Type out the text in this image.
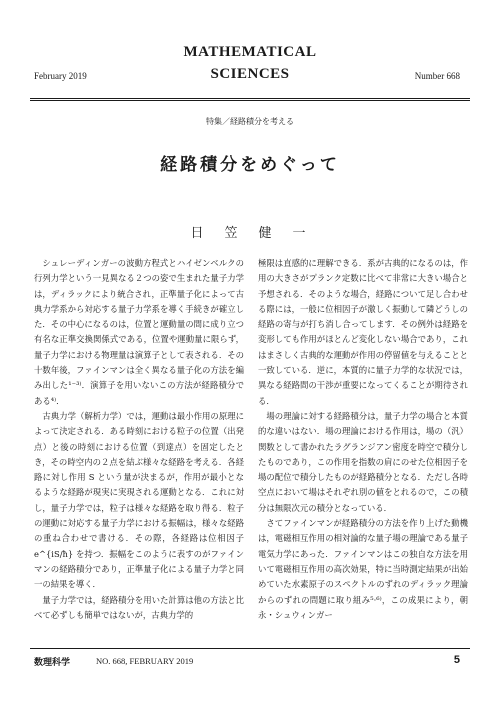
MATHEMATICAL

SCIENCES

February 2019	Number 668

特集／経路積分を考える

経路積分をめぐって

日　笠　健　一

シュレーディンガーの波動方程式とハイゼンベルクの行列力学という一見異なる２つの姿で生まれた量子力学は，ディラックにより統合され，正準量子化によって古典力学系から対応する量子力学系を導く手続きが確立した．その中心になるのは，位置と運動量の間に成り立つ有名な正準交換関係式である，位置や運動量に限らず，量子力学における物理量は演算子として表される．その十数年後，ファインマンは全く異なる量子化の方法を編み出した¹⁻³⁾．演算子を用いないこの方法が経路積分である⁴⁾．

古典力学（解析力学）では，運動は最小作用の原理によって決定される．ある時刻における粒子の位置（出発点）と後の時刻における位置（到達点）を固定したとき，その時空内の２点を結ぶ様々な経路を考える．各経路に対し作用 S という量が決まるが，作用が最小となるような経路が現実に実現される運動となる．これに対し，量子力学では，粒子は様々な経路を取り得る．粒子の運動に対応する量子力学における振幅は，様々な経路の重ね合わせで書ける．その際，各経路は位相因子 e^{iS/ħ} を持つ．振幅をこのように表すのがファインマンの経路積分であり，正準量子化による量子力学と同一の結果を導く．

量子力学では，経路積分を用いた計算は他の方法と比べて必ずしも簡単ではないが，古典力学的

極限は直感的に理解できる．系が古典的になるのは，作用の大きさがプランク定数に比べて非常に大きい場合と予想される．そのような場合，経路について足し合わせる際には，一般に位相因子が激しく振動して隣どうしの経路の寄与が打ち消し合ってします．その例外は経路を変形しても作用がほとんど変化しない場合であり，これはまさしく古典的な運動が作用の停留値を与えることと一致している．逆に，本質的に量子力学的な状況では，異なる経路間の干渉が重要になってくることが期待される．

場の理論に対する経路積分は，量子力学の場合と本質的な違いはない．場の理論における作用は，場の（汎）関数として書かれたラグランジアン密度を時空で積分したものであり，この作用を指数の肩にのせた位相因子を場の配位で積分したものが経路積分となる．ただし各時空点において場はそれぞれ別の値をとれるので，この積分は無限次元の積分となっている．

さてファインマンが経路積分の方法を作り上げた動機は，電磁相互作用の相対論的な量子場の理論である量子電気力学にあった．ファインマンはこの独自な方法を用いて電磁相互作用の高次効果，特に当時測定結果が出始めていた水素原子のスペクトルのずれのディラック理論からのずれの問題に取り組み⁵·⁶⁾，この成果により，朝永・シュウィンガー

数理科学	NO. 668, FEBRUARY 2019	5
